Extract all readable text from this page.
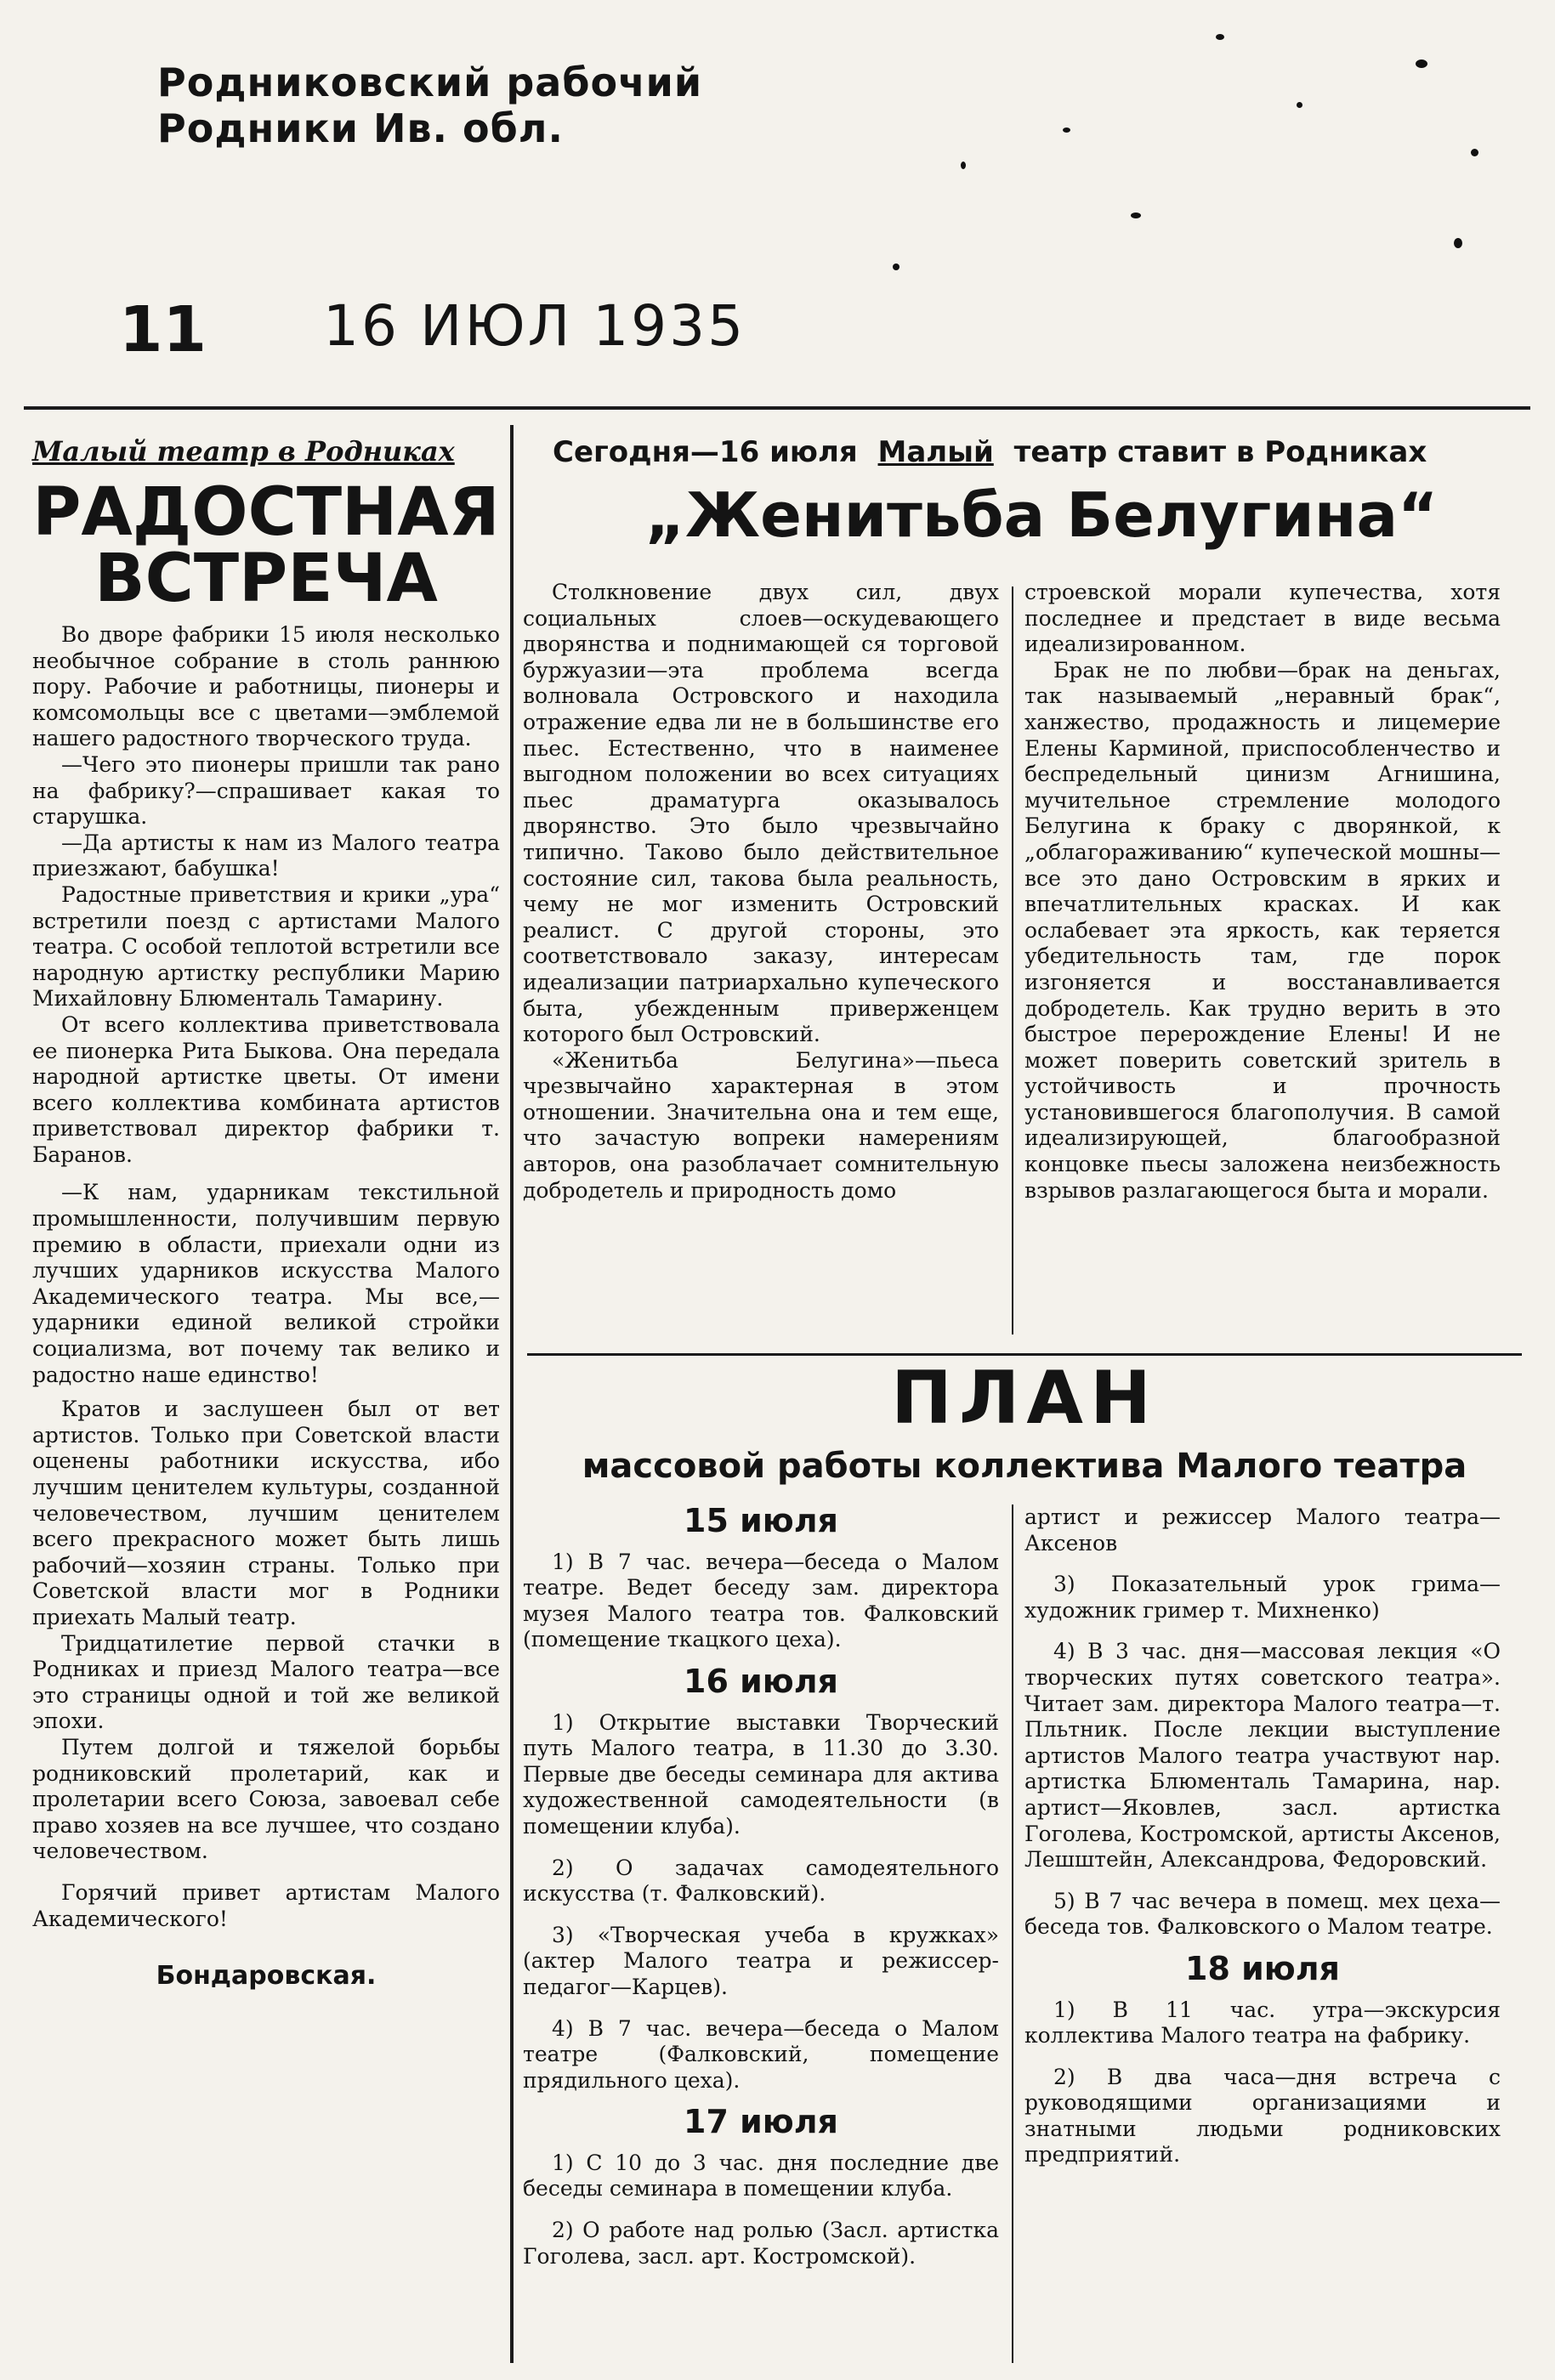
Родниковский рабочий
Родники Ив. обл.
11 16 ИЮЛ 1935
Малый театр в Родниках
РАДОСТНАЯ ВСТРЕЧА

Во дворе фабрики 15 июля несколько необычное собрание в столь раннюю пору. Рабочие и работницы, пионеры и комсомольцы все с цветами—эмблемой нашего радостного творческого труда.

—Чего это пионеры пришли так рано на фабрику?—спрашивает какая то старушка.

—Да артисты к нам из Малого театра приезжают, бабушка!

Радостные приветствия и крики „ура“ встретили поезд с артистами Малого театра. С особой теплотой встретили все народную артистку республики Марию Михайловну Блюменталь Тамарину.

От всего коллектива приветствовала ее пионерка Рита Быкова. Она передала народной артистке цветы. От имени всего коллектива комбината артистов приветствовал директор фабрики т. Баранов.

—К нам, ударникам текстильной промышленности, получившим первую премию в области, приехали одни из лучших ударников искусства Малого Академического театра. Мы все,—ударники единой великой стройки социализма, вот почему так велико и радостно наше единство!

Кратов и заслушеен был от вет артистов. Только при Советской власти оценены работники искусства, ибо лучшим ценителем культуры, созданной человечеством, лучшим ценителем всего прекрасного может быть лишь рабочий—хозяин страны. Только при Советской власти мог в Родники приехать Малый театр.

Тридцатилетие первой стачки в Родниках и приезд Малого театра—все это страницы одной и той же великой эпохи.

Путем долгой и тяжелой борьбы родниковский пролетарий, как и пролетарии всего Союза, завоевал себе право хозяев на все лучшее, что создано человечеством.

Горячий привет артистам Малого Академического!

Бондаровская.
Сегодня—16 июля Малый театр ставит в Родниках
„Женитьба Белугина“

Столкновение двух сил, двух социальных слоев—оскудевающего дворянства и поднимающей ся торговой буржуазии—эта проблема всегда волновала Островского и находила отражение едва ли не в большинстве его пьес. Естественно, что в наименее выгодном положении во всех ситуациях пьес драматурга оказывалось дворянство. Это было чрезвычайно типично. Таково было действительное состояние сил, такова была реальность, чему не мог изменить Островский реалист. С другой стороны, это соответствовало заказу, интересам идеализации патриархально купеческого быта, убежденным приверженцем которого был Островский.

«Женитьба Белугина»—пьеса чрезвычайно характерная в этом отношении. Значительна она и тем еще, что зачастую вопреки намерениям авторов, она разоблачает сомнительную добродетель и природность домо

строевской морали купечества, хотя последнее и предстает в виде весьма идеализированном.

Брак не по любви—брак на деньгах, так называемый „неравный брак“, ханжество, продажность и лицемерие Елены Карминой, приспособленчество и беспредельный цинизм Агнишина, мучительное стремление молодого Белугина к браку с дворянкой, к „облагораживанию“ купеческой мошны—все это дано Островским в ярких и впечатлительных красках. И как ослабевает эта яркость, как теряется убедительность там, где порок изгоняется и восстанавливается добродетель. Как трудно верить в это быстрое перерождение Елены! И не может поверить советский зритель в устойчивость и прочность установившегося благополучия. В самой идеализирующей, благообразной концовке пьесы заложена неизбежность взрывов разлагающегося быта и морали.

ПЛАН
массовой работы коллектива Малого театра
15 июля

1) В 7 час. вечера—беседа о Малом театре. Ведет беседу зам. директора музея Малого театра тов. Фалковский (помещение ткацкого цеха).

16 июля

1) Открытие выставки Творческий путь Малого театра, в 11.30 до 3.30. Первые две беседы семинара для актива художественной самодеятельности (в помещении клуба).

2) О задачах самодеятельного искусства (т. Фалковский).

3) «Творческая учеба в кружках» (актер Малого театра и режиссер-педагог—Карцев).

4) В 7 час. вечера—беседа о Малом театре (Фалковский, помещение прядильного цеха).

17 июля

1) С 10 до 3 час. дня последние две беседы семинара в помещении клуба.

2) О работе над ролью (Засл. артистка Гоголева, засл. арт. Костромской).

артист и режиссер Малого театра—Аксенов

3) Показательный урок грима—художник гример т. Михненко)

4) В 3 час. дня—массовая лекция «О творческих путях советского театра». Читает зам. директора Малого театра—т. Пльтник. После лекции выступление артистов Малого театра участвуют нар. артистка Блюменталь Тамарина, нар. артист—Яковлев, засл. артистка Гоголева, Костромской, артисты Аксенов, Лешштейн, Александрова, Федоровский.

5) В 7 час вечера в помещ. мех цеха—беседа тов. Фалковского о Малом театре.

18 июля

1) В 11 час. утра—экскурсия коллектива Малого театра на фабрику.

2) В два часа—дня встреча с руководящими организациями и знатными людьми родниковских предприятий.
